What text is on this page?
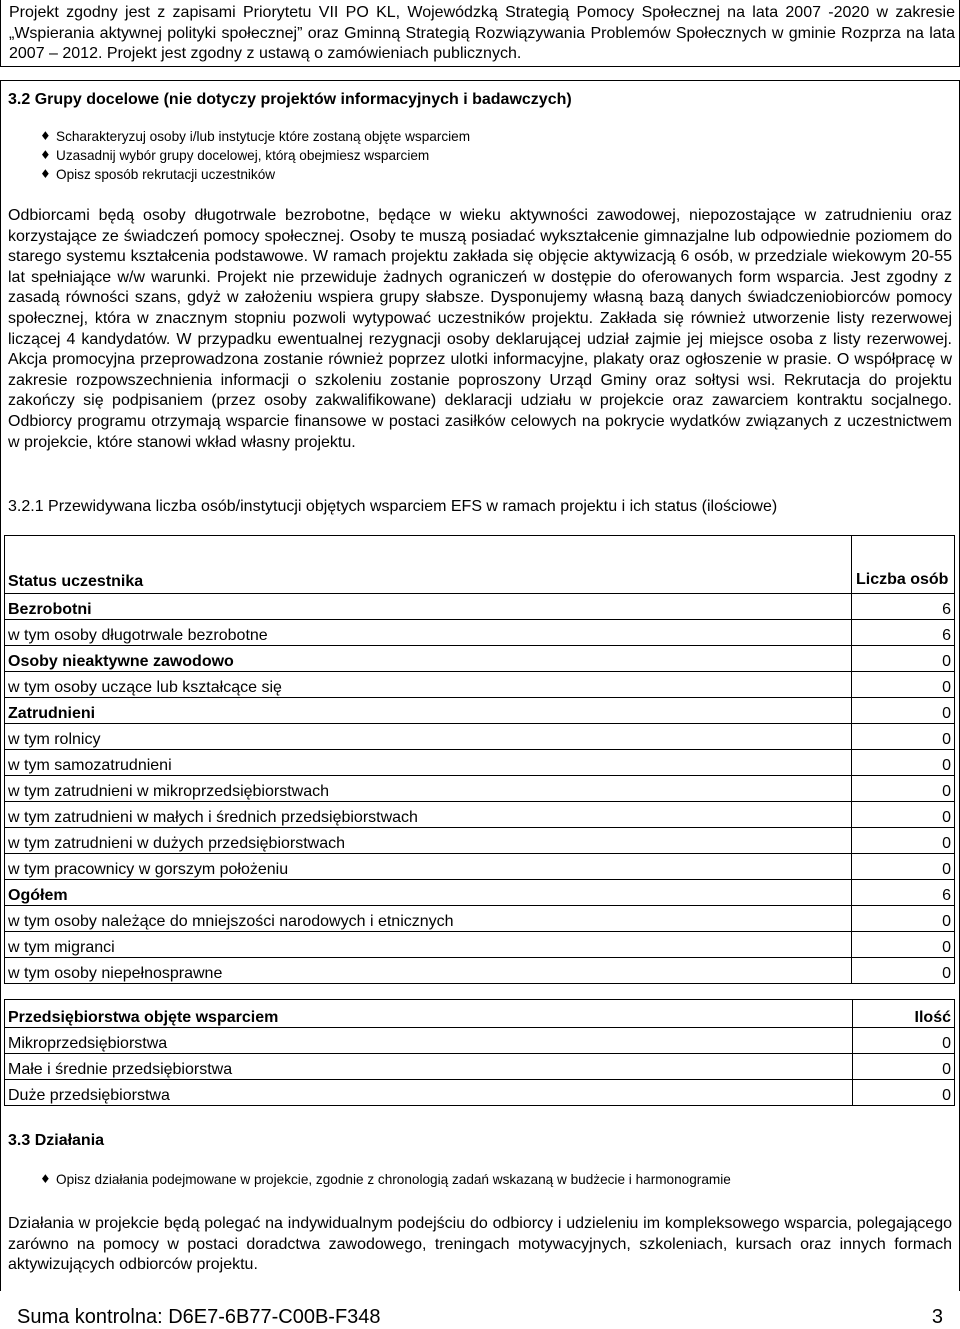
Projekt zgodny jest z zapisami Priorytetu VII PO KL, Wojewódzką Strategią Pomocy Społecznej na lata 2007 -2020 w zakresie „Wspierania aktywnej polityki społecznej” oraz Gminną Strategią Rozwiązywania Problemów Społecznych w gminie Rozprza na lata 2007 – 2012. Projekt jest zgodny z ustawą o zamówieniach publicznych.
3.2 Grupy docelowe (nie dotyczy projektów informacyjnych i badawczych)
♦ Scharakteryzuj osoby i/lub instytucje które zostaną objęte wsparciem
♦ Uzasadnij wybór grupy docelowej, którą obejmiesz wsparciem
♦ Opisz sposób rekrutacji uczestników

Odbiorcami będą osoby długotrwale bezrobotne, będące w wieku aktywności zawodowej, niepozostające w zatrudnieniu oraz korzystające ze świadczeń pomocy społecznej. Osoby te muszą posiadać wykształcenie gimnazjalne lub odpowiednie poziomem do starego systemu kształcenia podstawowe. W ramach projektu zakłada się objęcie aktywizacją 6 osób, w przedziale wiekowym 20-55 lat spełniające w/w warunki. Projekt nie przewiduje żadnych ograniczeń w dostępie do oferowanych form wsparcia. Jest zgodny z zasadą równości szans, gdyż w założeniu wspiera grupy słabsze. Dysponujemy własną bazą danych świadczeniobiorców pomocy społecznej, która w znacznym stopniu pozwoli wytypować uczestników projektu. Zakłada się również utworzenie listy rezerwowej liczącej 4 kandydatów. W przypadku ewentualnej rezygnacji osoby deklarującej udział zajmie jej miejsce osoba z listy rezerwowej. Akcja promocyjna przeprowadzona zostanie również poprzez ulotki informacyjne, plakaty oraz ogłoszenie w prasie. O współpracę w zakresie rozpowszechnienia informacji o szkoleniu zostanie poproszony Urząd Gminy oraz sołtysi wsi. Rekrutacja do projektu zakończy się podpisaniem (przez osoby zakwalifikowane) deklaracji udziału w projekcie oraz zawarciem kontraktu socjalnego. Odbiorcy programu otrzymają wsparcie finansowe w postaci zasiłków celowych na pokrycie wydatków związanych z uczestnictwem w projekcie, które stanowi wkład własny projektu.

3.2.1 Przewidywana liczba osób/instytucji objętych wsparciem EFS w ramach projektu i ich status (ilościowe)
Status uczestnika	Liczba osób
Bezrobotni	6
w tym osoby długotrwale bezrobotne	6
Osoby nieaktywne zawodowo	0
w tym osoby uczące lub kształcące się	0
Zatrudnieni	0
w tym rolnicy	0
w tym samozatrudnieni	0
w tym zatrudnieni w mikroprzedsiębiorstwach	0
w tym zatrudnieni w małych i średnich przedsiębiorstwach	0
w tym zatrudnieni w dużych przedsiębiorstwach	0
w tym pracownicy w gorszym położeniu	0
Ogółem	6
w tym osoby należące do mniejszości narodowych i etnicznych	0
w tym migranci	0
w tym osoby niepełnosprawne	0
Przedsiębiorstwa objęte wsparciem	Ilość
Mikroprzedsiębiorstwa	0
Małe i średnie przedsiębiorstwa	0
Duże przedsiębiorstwa	0
3.3 Działania
♦ Opisz działania podejmowane w projekcie, zgodnie z chronologią zadań wskazaną w budżecie i harmonogramie

Działania w projekcie będą polegać na indywidualnym podejściu do odbiorcy i udzieleniu im kompleksowego wsparcia, polegającego zarówno na pomocy w postaci doradctwa zawodowego, treningach motywacyjnych, szkoleniach, kursach oraz innych formach aktywizujących odbiorców projektu.

Suma kontrolna: D6E7-6B77-C00B-F348	3
